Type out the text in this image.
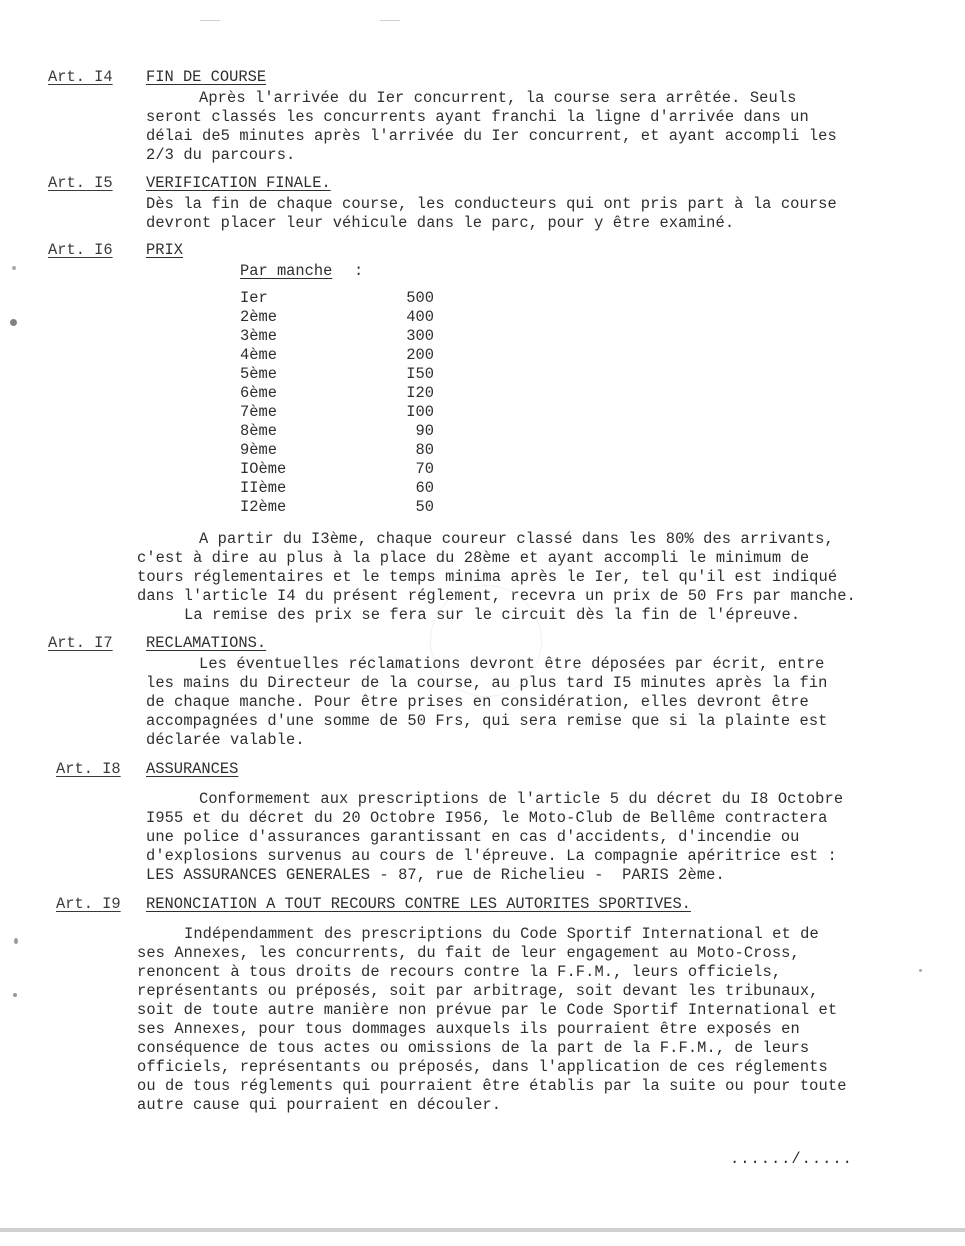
Art. I4 FIN DE COURSE
Après l'arrivée du Ier concurrent, la course sera arrêtée. Seuls
seront classés les concurrents ayant franchi la ligne d'arrivée dans un
délai de5 minutes après l'arrivée du Ier concurrent, et ayant accompli les
2/3 du parcours.
Art. I5 VERIFICATION FINALE.
Dès la fin de chaque course, les conducteurs qui ont pris part à la course
devront placer leur véhicule dans le parc, pour y être examiné.
Art. I6 PRIX
Par manche :
Ier	500
2ème	400
3ème	300
4ème	200
5ème	I50
6ème	I20
7ème	I00
8ème	90
9ème	80
IOème	70
IIème	60
I2ème	50
A partir du I3ème, chaque coureur classé dans les 80% des arrivants,
c'est à dire au plus à la place du 28ème et ayant accompli le minimum de
tours réglementaires et le temps minima après le Ier, tel qu'il est indiqué
dans l'article I4 du présent réglement, recevra un prix de 50 Frs par manche.
La remise des prix se fera sur le circuit dès la fin de l'épreuve.
Art. I7 RECLAMATIONS.
Les éventuelles réclamations devront être déposées par écrit, entre
les mains du Directeur de la course, au plus tard I5 minutes après la fin
de chaque manche. Pour être prises en considération, elles devront être
accompagnées d'une somme de 50 Frs, qui sera remise que si la plainte est
déclarée valable.
Art. I8 ASSURANCES
Conformement aux prescriptions de l'article 5 du décret du I8 Octobre
I955 et du décret du 20 Octobre I956, le Moto-Club de Bellême contractera
une police d'assurances garantissant en cas d'accidents, d'incendie ou
d'explosions survenus au cours de l'épreuve. La compagnie apéritrice est :
LES ASSURANCES GENERALES - 87, rue de Richelieu -  PARIS 2ème.
Art. I9 RENONCIATION A TOUT RECOURS CONTRE LES AUTORITES SPORTIVES.
Indépendamment des prescriptions du Code Sportif International et de
ses Annexes, les concurrents, du fait de leur engagement au Moto-Cross,
renoncent à tous droits de recours contre la F.F.M., leurs officiels,
représentants ou préposés, soit par arbitrage, soit devant les tribunaux,
soit de toute autre manière non prévue par le Code Sportif International et
ses Annexes, pour tous dommages auxquels ils pourraient être exposés en
conséquence de tous actes ou omissions de la part de la F.F.M., de leurs
officiels, représentants ou préposés, dans l'application de ces réglements
ou de tous réglements qui pourraient être établis par la suite ou pour toute
autre cause qui pourraient en découler.
....../.....
